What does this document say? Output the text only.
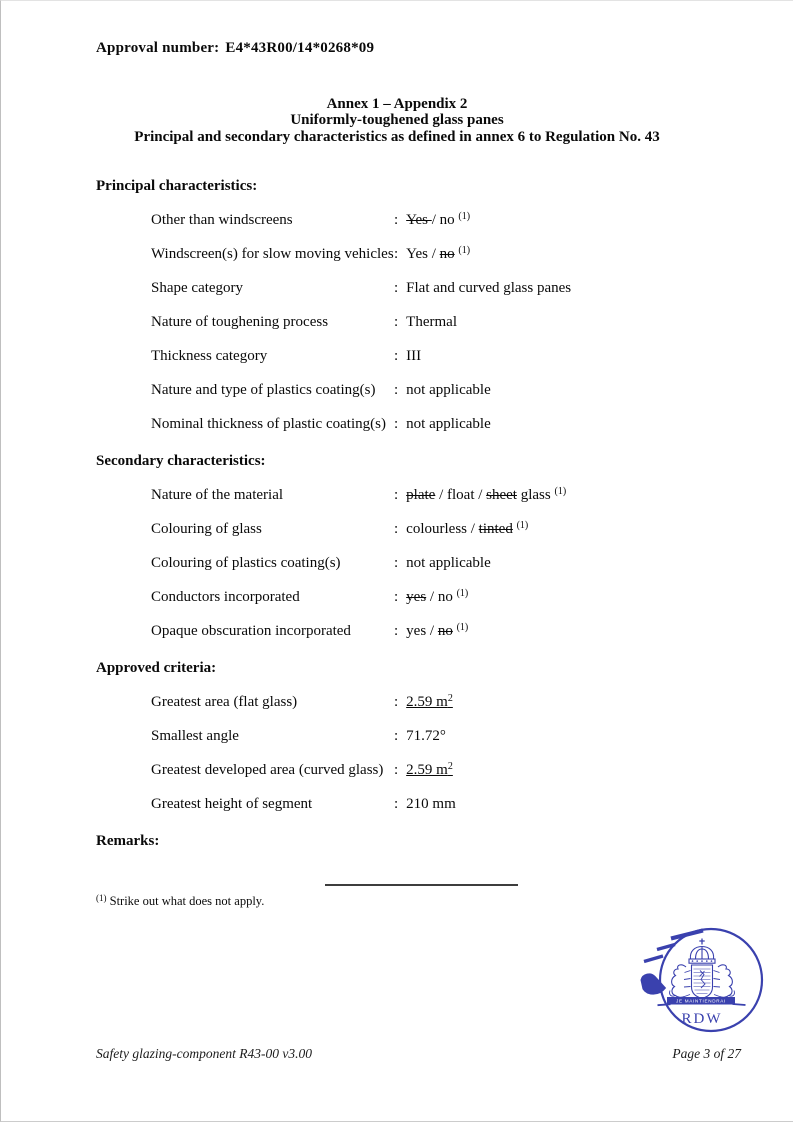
Approval number: E4*43R00/14*0268*09
Annex 1 – Appendix 2
Uniformly-toughened glass panes
Principal and secondary characteristics as defined in annex 6 to Regulation No. 43
Principal characteristics:
Other than windscreens	: Yes / no $^{(1)}$
Windscreen(s) for slow moving vehicles : Yes / no $^{(1)}$
Shape category	: Flat and curved glass panes
Nature of toughening process	: Thermal
Thickness category	: III
Nature and type of plastics coating(s)	: not applicable
Nominal thickness of plastic coating(s) : not applicable
Secondary characteristics:
Nature of the material	: plate / float / sheet glass $^{(1)}$
Colouring of glass	: colourless / tinted $^{(1)}$
Colouring of plastics coating(s)	: not applicable
Conductors incorporated	: yes / no $^{(1)}$
Opaque obscuration incorporated	: yes / no $^{(1)}$
Approved criteria:
Greatest area (flat glass)	: 2.59 $m^2$
Smallest angle	: 71.72°
Greatest developed area (curved glass) : 2.59 $m^2$
Greatest height of segment	: 210 mm
Remarks:
$^{(1)}$ Strike out what does not apply.
JE MAINTIENDRAI
RDW
Safety glazing-component R43-00 v3.00	Page 3 of 27
